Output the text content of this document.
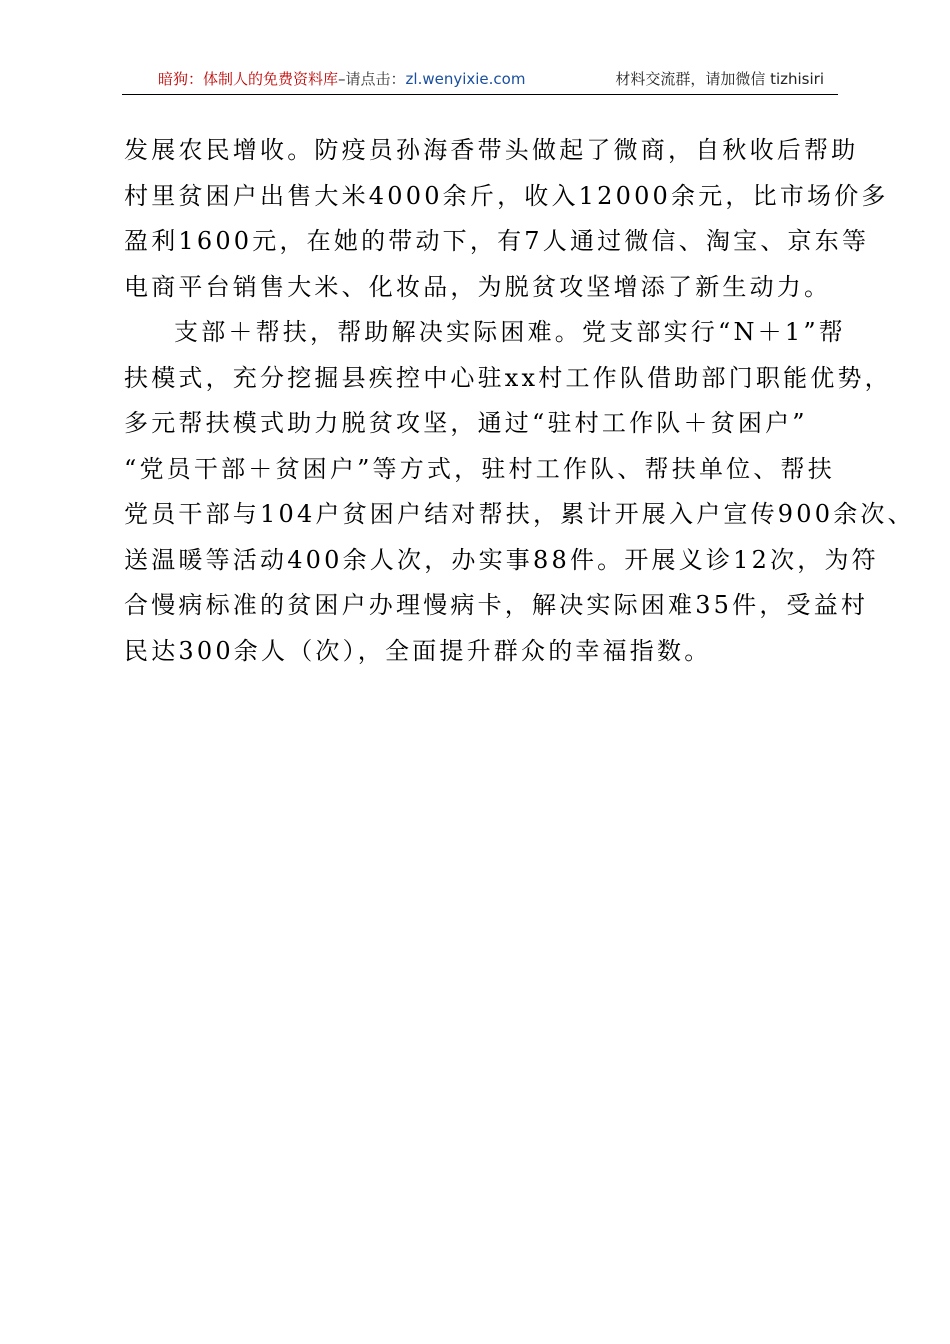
暗狗：体制人的免费资料库–请点击：zl.wenyixie.com	材料交流群，请加微信 tizhisiri
发展农民增收。防疫员孙海香带头做起了微商，自秋收后帮助
村里贫困户出售大米4000余斤，收入12000余元，比市场价多
盈利1600元，在她的带动下，有7人通过微信、淘宝、京东等
电商平台销售大米、化妆品，为脱贫攻坚增添了新生动力。
支部＋帮扶，帮助解决实际困难。党支部实行“N＋1”帮
扶模式，充分挖掘县疾控中心驻xx村工作队借助部门职能优势，
多元帮扶模式助力脱贫攻坚，通过“驻村工作队＋贫困户”
“党员干部＋贫困户”等方式，驻村工作队、帮扶单位、帮扶
党员干部与104户贫困户结对帮扶，累计开展入户宣传900余次、
送温暖等活动400余人次，办实事88件。开展义诊12次，为符
合慢病标准的贫困户办理慢病卡，解决实际困难35件，受益村
民达300余人（次），全面提升群众的幸福指数。
